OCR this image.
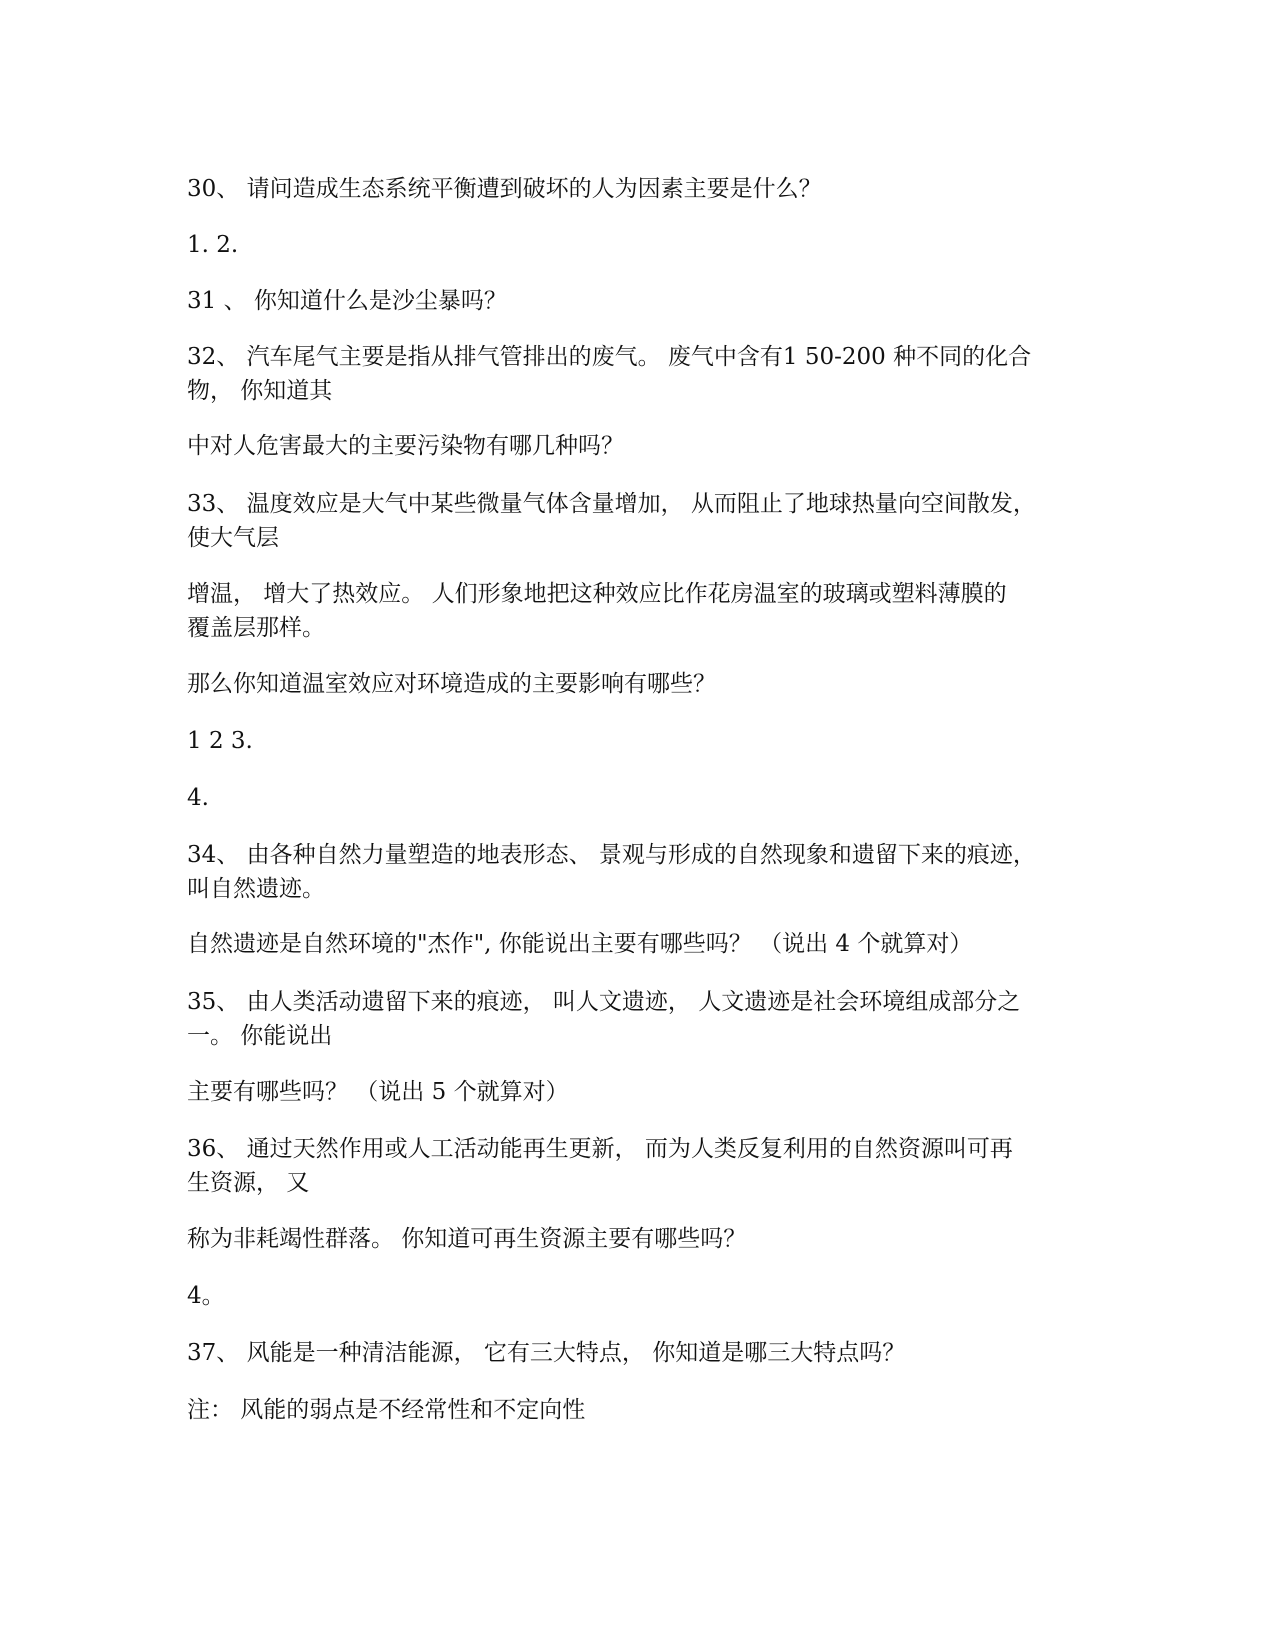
30、 请问造成生态系统平衡遭到破坏的人为因素主要是什么？

1. 2.

31 、 你知道什么是沙尘暴吗？

32、 汽车尾气主要是指从排气管排出的废气。 废气中含有1 50-200 种不同的化合
物， 你知道其

中对人危害最大的主要污染物有哪几种吗？

33、 温度效应是大气中某些微量气体含量增加， 从而阻止了地球热量向空间散发，
使大气层

增温， 增大了热效应。 人们形象地把这种效应比作花房温室的玻璃或塑料薄膜的
覆盖层那样。

那么你知道温室效应对环境造成的主要影响有哪些？

1 2 3.

4.

34、 由各种自然力量塑造的地表形态、 景观与形成的自然现象和遗留下来的痕迹，
叫自然遗迹。

自然遗迹是自然环境的"杰作", 你能说出主要有哪些吗？ （说出 4 个就算对）

35、 由人类活动遗留下来的痕迹， 叫人文遗迹， 人文遗迹是社会环境组成部分之
一。 你能说出

主要有哪些吗？ （说出 5 个就算对）

36、 通过天然作用或人工活动能再生更新， 而为人类反复利用的自然资源叫可再
生资源， 又

称为非耗竭性群落。 你知道可再生资源主要有哪些吗？

4。

37、 风能是一种清洁能源， 它有三大特点， 你知道是哪三大特点吗？

注： 风能的弱点是不经常性和不定向性
